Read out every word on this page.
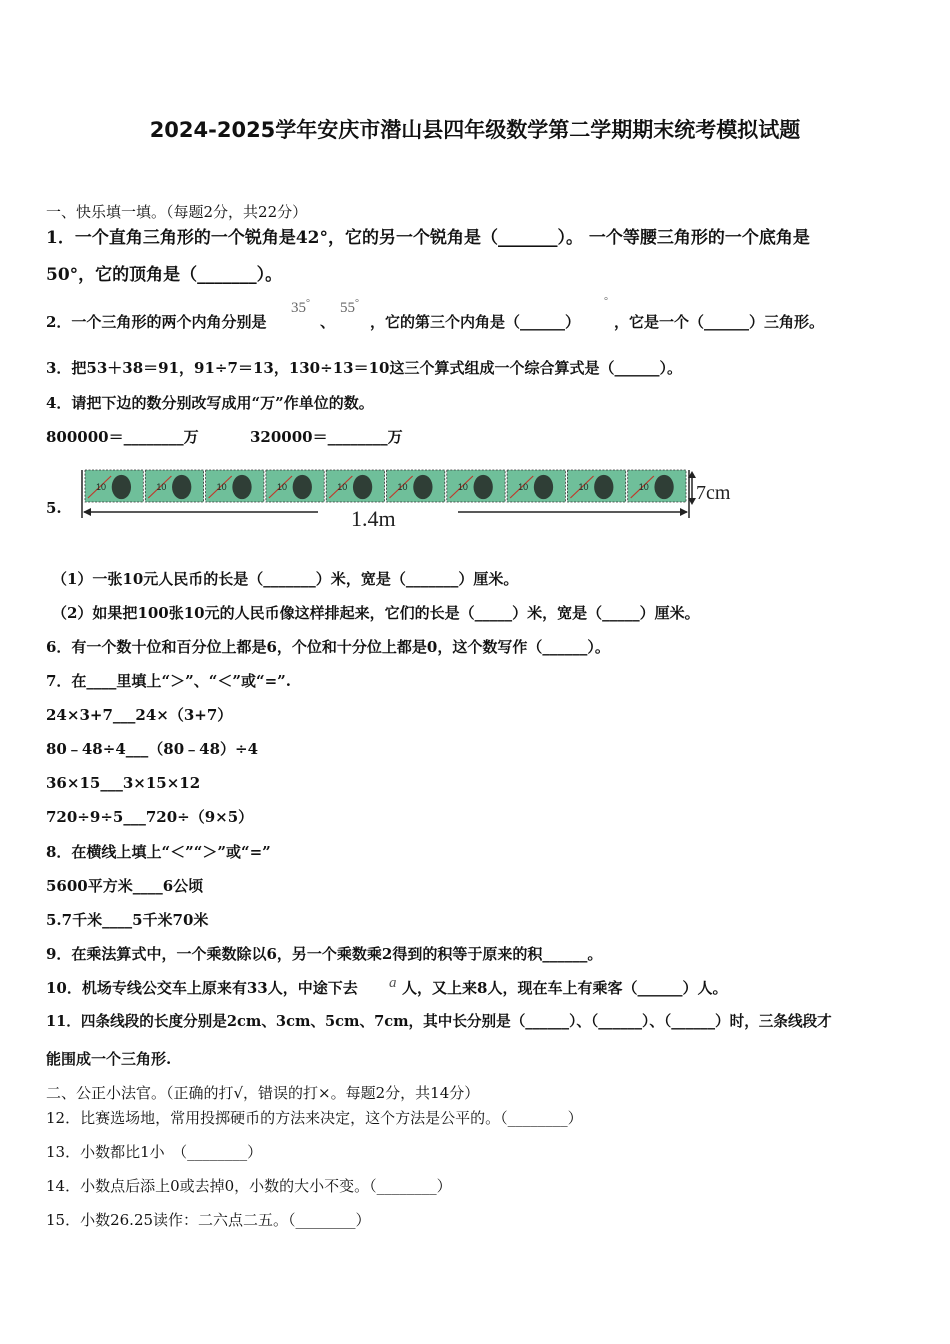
2024-2025学年安庆市潜山县四年级数学第二学期期末统考模拟试题
一、快乐填一填。（每题2分，共22分）
1．一个直角三角形的一个锐角是42°，它的另一个锐角是（_______）。 一个等腰三角形的一个底角是
50°，它的顶角是（_______）。
2．一个三角形的两个内角分别是
35°
、
55°
，它的第三个内角是（______）
°
，它是一个（______）三角形。
3．把53＋38＝91，91÷7＝13，130÷13＝10这三个算式组成一个综合算式是（______）。
4．请把下边的数分别改写成用“万”作单位的数。
800000＝________万	320000＝________万
5.
10	10	10	10	10	10	10	10	10	10 7cm
1.4m
（1）一张10元人民币的长是（_______）米，宽是（_______）厘米。
（2）如果把100张10元的人民币像这样排起来，它们的长是（_____）米，宽是（_____）厘米。
6．有一个数十位和百分位上都是6，个位和十分位上都是0，这个数写作（______）。
7．在____里填上“＞”、“＜”或“=”.
24×3+7___24×（3+7）
80﹣48÷4___（80﹣48）÷4
36×15___3×15×12
720÷9÷5___720÷（9×5）
8．在横线上填上“＜”“＞”或“=”
5600平方米____6公顷
5.7千米____5千米70米
9．在乘法算式中，一个乘数除以6，另一个乘数乘2得到的积等于原来的积______。
10．机场专线公交车上原来有33人，中途下去 a 人，又上来8人，现在车上有乘客（______）人。
11．四条线段的长度分别是2cm、3cm、5cm、7cm，其中长分别是（______）、（______）、（______）时，三条线段才
能围成一个三角形.
二、公正小法官。（正确的打√，错误的打×。每题2分，共14分）
12．比赛选场地，常用投掷硬币的方法来决定，这个方法是公平的。（________）
13．小数都比1小　（________）
14．小数点后添上0或去掉0，小数的大小不变。（________）
15．小数26.25读作：二六点二五。（________）
